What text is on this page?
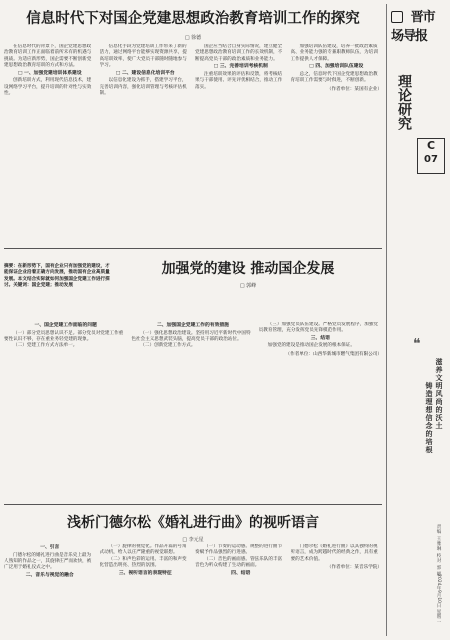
信息时代下对国企党建思想政治教育培训工作的探究
□ 徐德

在信息时代的背景下，国企党建思想政治教育培训工作正面临着前所未有的机遇与挑战。为适应新形势，国企需要不断创新党建思想政治教育培训的方式和方法。

□ 一、加强党建培训体系建设

创新培训方式，利用现代信息技术，建设网络学习平台，提升培训的针对性与实效性。

信息化手段为党建培训工作带来了新的活力，通过网络平台能够实现资源共享，提高培训效率，使广大党员干部随时随地参与学习。

□ 二、建设信息化培训平台

以信息化建设为抓手，搭建学习平台，完善培训内容，强化培训管理与考核评估机制。

国企应当结合自身实际情况，建立健全党建思想政治教育培训工作的长效机制，不断提高党员干部的政治素质和业务能力。

□ 三、完善培训考核机制

注重培训效果的评估和反馈，将考核结果与干部使用、评先评优相结合，推动工作落实。

加强培训队伍建设，培养一批政治素质高、业务能力强的专兼职教师队伍，为培训工作提供人才保障。

□ 四、加强培训队伍建设

总之，信息时代下国企党建思想政治教育培训工作需要与时俱进，不断创新。

（作者单位：某国有企业）

摘要：在新形势下，国有企业只有加强党的建设，才能保证企业沿着正确方向发展，推动国有企业高质量发展。本文结合实际就如何加强国企党建工作进行探讨。关键词：国企党建；推动发展
加强党的建设 推动国企发展
□ 郭峰

一、国企党建工作面临的问题

（一）部分党员思想认识不足。部分党员对党建工作重要性认识不够，存在重业务轻党建的现象。

（二）党建工作方式方法单一。

二、加强国企党建工作的有效措施

（一）强化思想政治建设。坚持用习近平新时代中国特色社会主义思想武装头脑，提高党员干部的政治站位。

（二）创新党建工作方式。

（三）加强党员队伍建设。严格党员发展程序，加强党员教育管理，充分发挥党员先锋模范作用。

三、结语

加强党的建设是推动国企发展的根本保证。

（作者单位：山西华新城市燃气集团有限公司）

浅析门德尔松《婚礼进行曲》的视听语言
□ 李元星

一、引言

门德尔松的婚礼进行曲是音乐史上最为人熟知的作品之一，其旋律庄严而欢快，被广泛用于婚礼仪式之中。

二、音乐与视觉的融合

（一）旋律的视觉化。作品开篇的号角式动机，给人以庄严隆重的视觉联想。

（二）和声色彩的运用。丰富的和声变化营造出明亮、热烈的氛围。

三、视听语言的表现特征

（一）节奏的运动感。规整的进行曲节奏赋予作品强烈的行进感。

（二）音色的画面感。管弦乐队的丰富音色为听众构建了生动的画面。

四、结语

门德尔松《婚礼进行曲》以其独特的视听语言，成为跨越时代的经典之作，具有重要的艺术价值。

（作者单位：某音乐学院）

晋市场导报
理论研究
C
07
❝
滋养文明风尚的沃土
铸造理想信念的培根
责编 王雅琳 校对 郭 娜
2024年9月10日 星期二
